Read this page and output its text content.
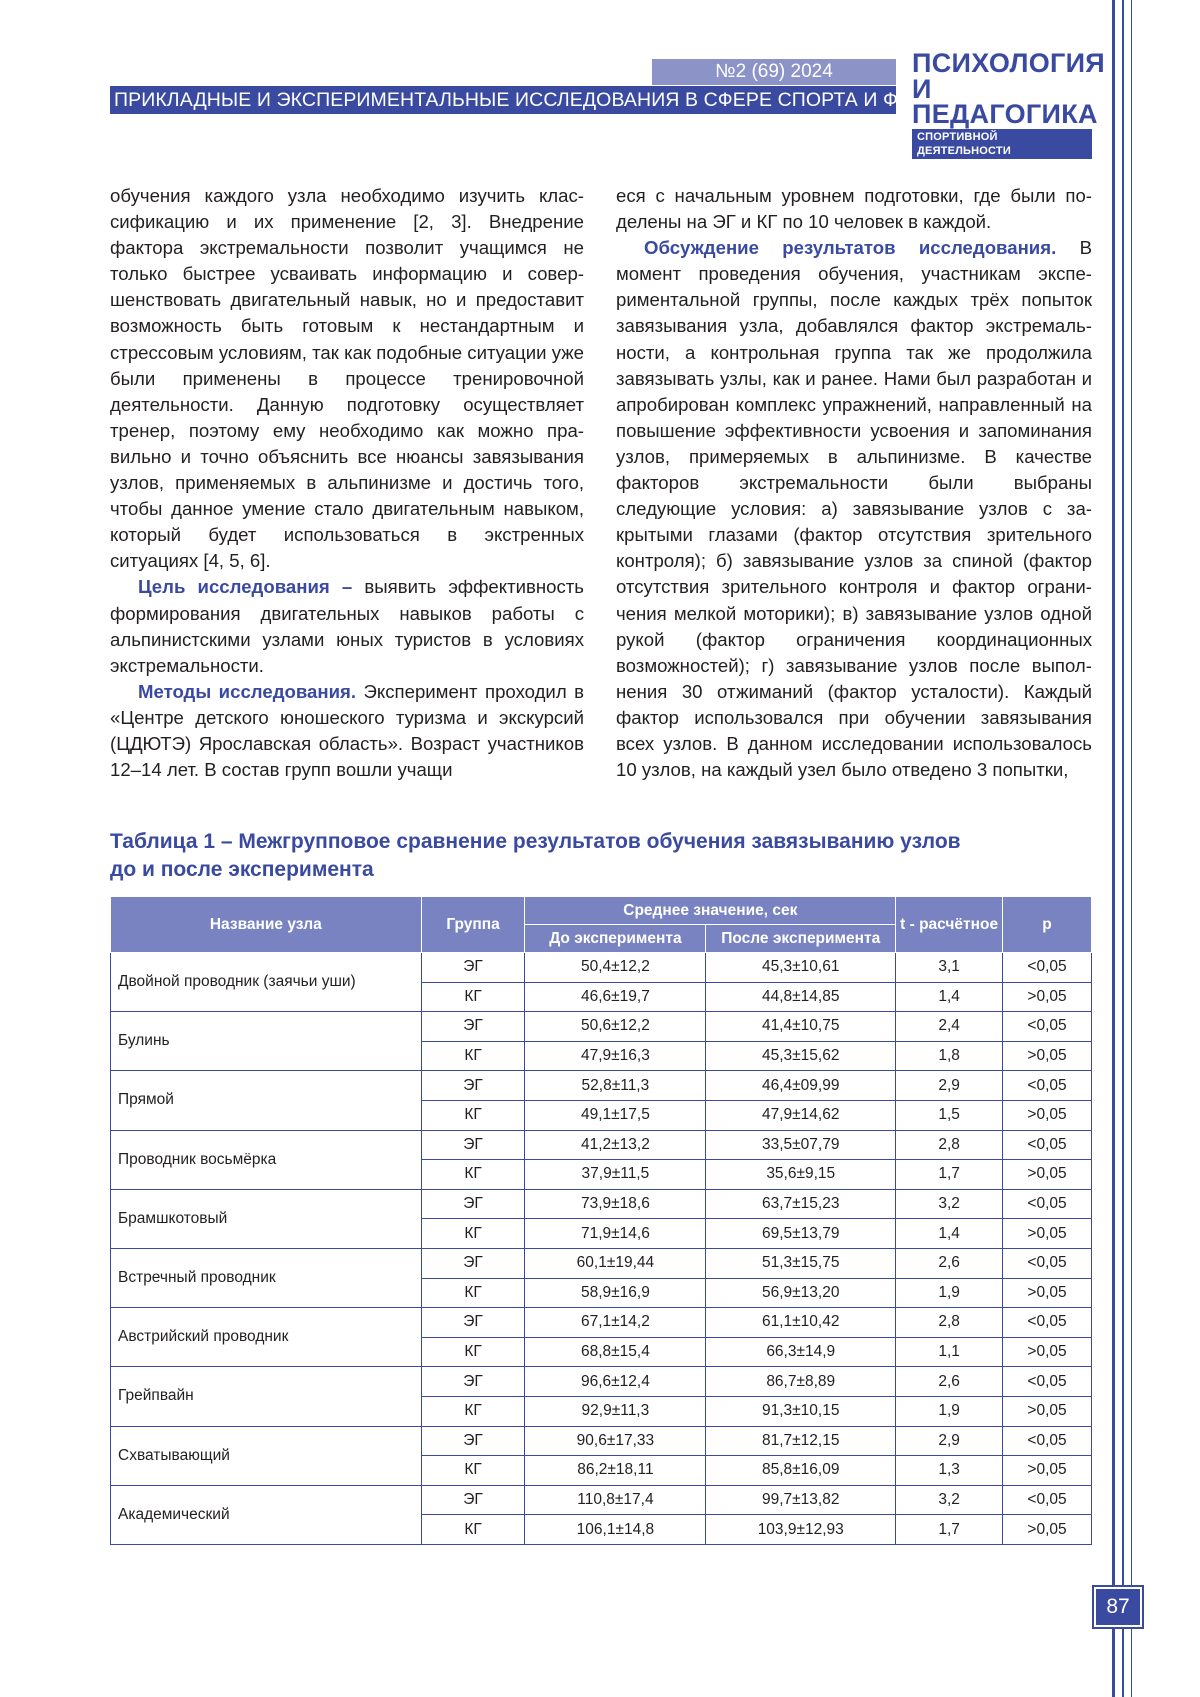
№2 (69) 2024
ПРИКЛАДНЫЕ И ЭКСПЕРИМЕНТАЛЬНЫЕ ИССЛЕДОВАНИЯ В СФЕРЕ СПОРТА И ФК
ПСИХОЛОГИЯ
И ПЕДАГОГИКА
СПОРТИВНОЙ ДЕЯТЕЛЬНОСТИ

обучения каждого узла необходимо изучить классификацию и их применение [2, 3]. Внедрение фактора экстремальности позволит учащимся не только быстрее усваивать информацию и совершенствовать двигательный навык, но и предоставит возможность быть готовым к нестандартным и стрессовым условиям, так как подобные ситуации уже были применены в процессе тренировочной деятельности. Данную подготовку осуществляет тренер, поэтому ему необходимо как можно правильно и точно объяснить все нюансы завязывания узлов, применяемых в альпинизме и достичь того, чтобы данное умение стало двигательным навыком, который будет использоваться в экстренных ситуациях [4, 5, 6].

Цель исследования – выявить эффективность формирования двигательных навыков работы с альпинистскими узлами юных туристов в условиях экстремальности.

Методы исследования. Эксперимент проходил в «Центре детского юношеского туризма и экскурсий (ЦДЮТЭ) Ярославская область». Возраст участников 12–14 лет. В состав групп вошли учащи

еся с начальным уровнем подготовки, где были поделены на ЭГ и КГ по 10 человек в каждой.

Обсуждение результатов исследования. В момент проведения обучения, участникам экспериментальной группы, после каждых трёх попыток завязывания узла, добавлялся фактор экстремальности, а контрольная группа так же продолжила завязывать узлы, как и ранее. Нами был разработан и апробирован комплекс упражнений, направленный на повышение эффективности усвоения и запоминания узлов, примеряемых в альпинизме. В качестве факторов экстремальности были выбраны следующие условия: а) завязывание узлов с закрытыми глазами (фактор отсутствия зрительного контроля); б) завязывание узлов за спиной (фактор отсутствия зрительного контроля и фактор ограничения мелкой моторики); в) завязывание узлов одной рукой (фактор ограничения координационных возможностей); г) завязывание узлов после выполнения 30 отжиманий (фактор усталости). Каждый фактор использовался при обучении завязывания всех узлов. В данном исследовании использовалось 10 узлов, на каждый узел было отведено 3 попытки,

Таблица 1 – Межгрупповое сравнение результатов обучения завязыванию узлов
до и после эксперимента
Название узла	Группа	Среднее значение, сек		t - расчётное	p
		До эксперимента	После эксперимента		
Двойной проводник (заячьи уши)	ЭГ	50,4±12,2	45,3±10,61	3,1	<0,05
	КГ	46,6±19,7	44,8±14,85	1,4	>0,05
Булинь	ЭГ	50,6±12,2	41,4±10,75	2,4	<0,05
	КГ	47,9±16,3	45,3±15,62	1,8	>0,05
Прямой	ЭГ	52,8±11,3	46,4±09,99	2,9	<0,05
	КГ	49,1±17,5	47,9±14,62	1,5	>0,05
Проводник восьмёрка	ЭГ	41,2±13,2	33,5±07,79	2,8	<0,05
	КГ	37,9±11,5	35,6±9,15	1,7	>0,05
Брамшкотовый	ЭГ	73,9±18,6	63,7±15,23	3,2	<0,05
	КГ	71,9±14,6	69,5±13,79	1,4	>0,05
Встречный проводник	ЭГ	60,1±19,44	51,3±15,75	2,6	<0,05
	КГ	58,9±16,9	56,9±13,20	1,9	>0,05
Австрийский проводник	ЭГ	67,1±14,2	61,1±10,42	2,8	<0,05
	КГ	68,8±15,4	66,3±14,9	1,1	>0,05
Грейпвайн	ЭГ	96,6±12,4	86,7±8,89	2,6	<0,05
	КГ	92,9±11,3	91,3±10,15	1,9	>0,05
Схватывающий	ЭГ	90,6±17,33	81,7±12,15	2,9	<0,05
	КГ	86,2±18,11	85,8±16,09	1,3	>0,05
Академический	ЭГ	110,8±17,4	99,7±13,82	3,2	<0,05
	КГ	106,1±14,8	103,9±12,93	1,7	>0,05
87
